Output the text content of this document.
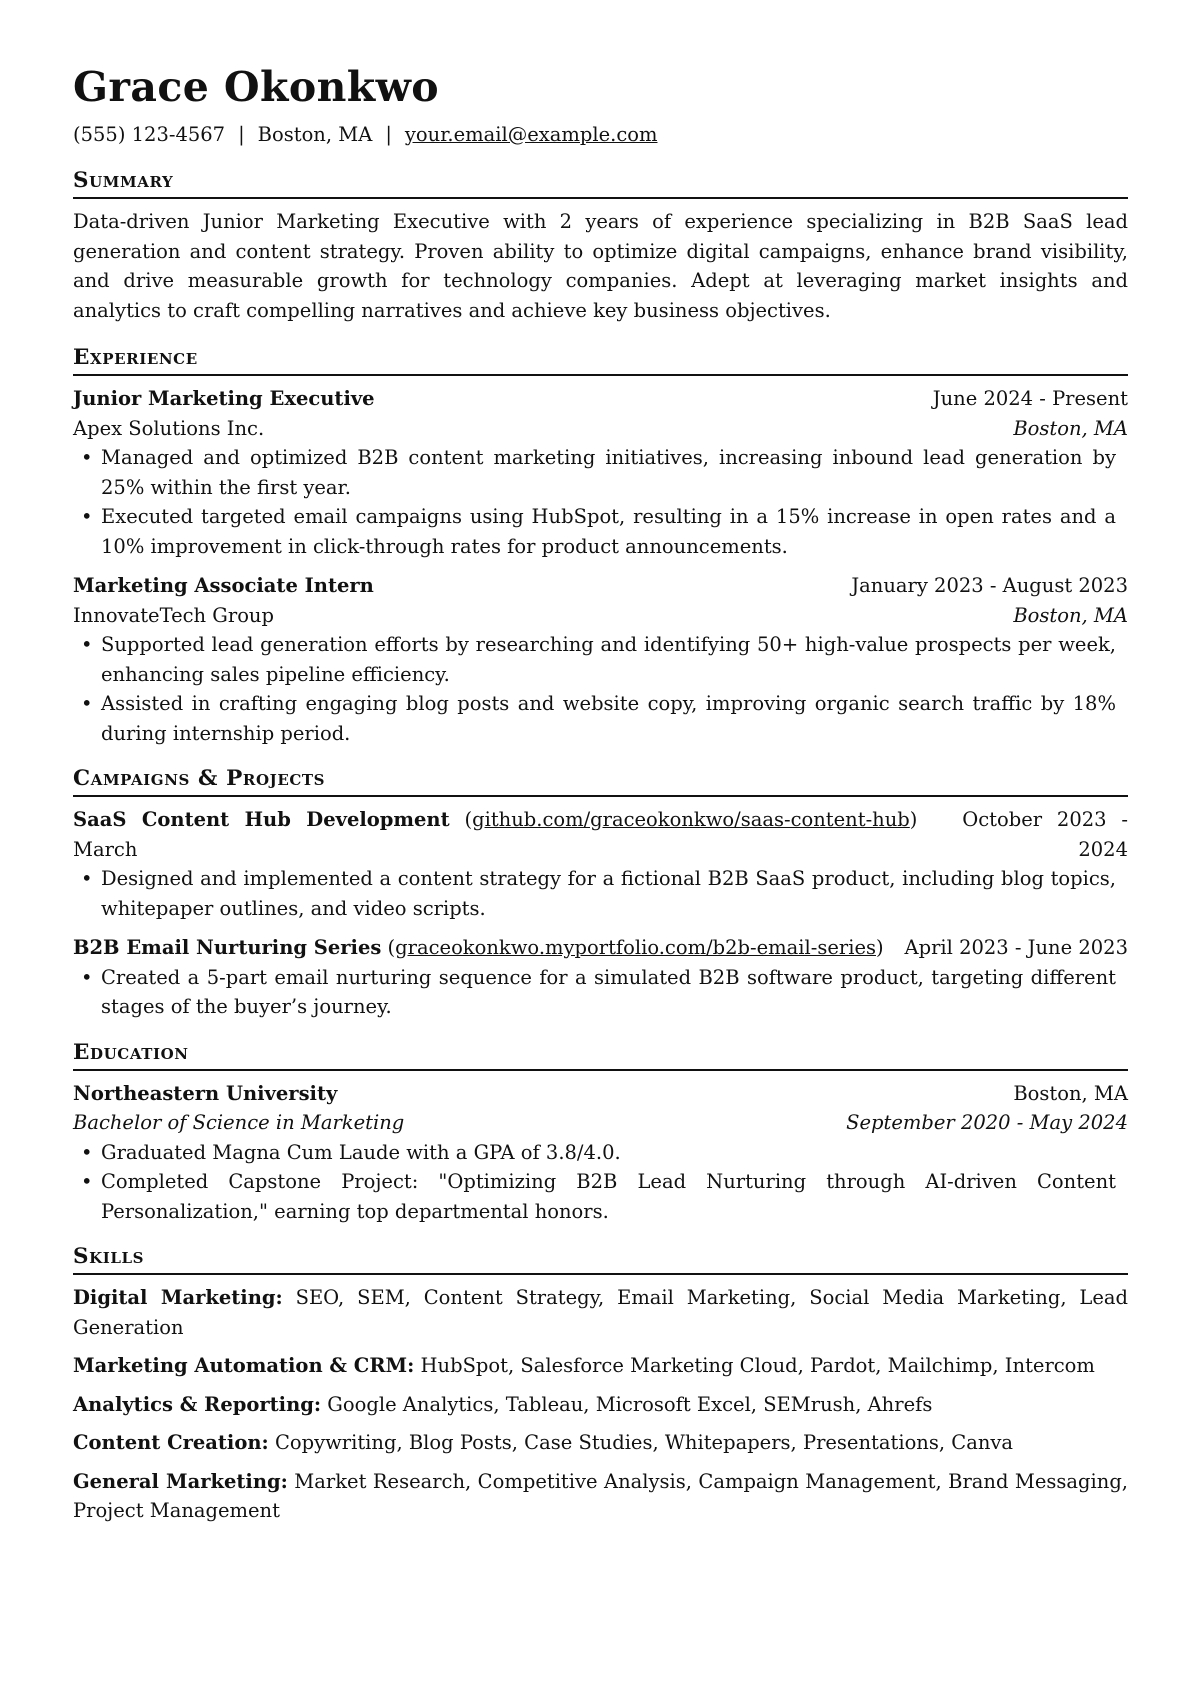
Grace Okonkwo
(555) 123-4567 | Boston, MA | your.email@example.com
Summary
Data-driven Junior Marketing Executive with 2 years of experience specializing in B2B SaaS lead generation and content strategy. Proven ability to optimize digital campaigns, enhance brand visibility, and drive measurable growth for technology companies. Adept at leveraging market insights and analytics to craft compelling narratives and achieve key business objectives.
Experience
Junior Marketing Executive	June 2024 - Present
Apex Solutions Inc.	Boston, MA
• Managed and optimized B2B content marketing initiatives, increasing inbound lead generation by 25% within the first year.
• Executed targeted email campaigns using HubSpot, resulting in a 15% increase in open rates and a 10% improvement in click-through rates for product announcements.
Marketing Associate Intern	January 2023 - August 2023
InnovateTech Group	Boston, MA
• Supported lead generation efforts by researching and identifying 50+ high-value prospects per week, enhancing sales pipeline efficiency.
• Assisted in crafting engaging blog posts and website copy, improving organic search traffic by 18% during internship period.
Campaigns & Projects
SaaS Content Hub Development (github.com/graceokonkwo/saas-content-hub) October 2023 - March 2024
• Designed and implemented a content strategy for a fictional B2B SaaS product, including blog topics, whitepaper outlines, and video scripts.
B2B Email Nurturing Series (graceokonkwo.myportfolio.com/b2b-email-series) April 2023 - June 2023
• Created a 5-part email nurturing sequence for a simulated B2B software product, targeting different stages of the buyer’s journey.
Education
Northeastern University	Boston, MA
Bachelor of Science in Marketing	September 2020 - May 2024
• Graduated Magna Cum Laude with a GPA of 3.8/4.0.
• Completed Capstone Project: "Optimizing B2B Lead Nurturing through AI-driven Content Personalization," earning top departmental honors.
Skills
Digital Marketing: SEO, SEM, Content Strategy, Email Marketing, Social Media Marketing, Lead Generation
Marketing Automation & CRM: HubSpot, Salesforce Marketing Cloud, Pardot, Mailchimp, Intercom
Analytics & Reporting: Google Analytics, Tableau, Microsoft Excel, SEMrush, Ahrefs
Content Creation: Copywriting, Blog Posts, Case Studies, Whitepapers, Presentations, Canva
General Marketing: Market Research, Competitive Analysis, Campaign Management, Brand Messaging, Project Management
